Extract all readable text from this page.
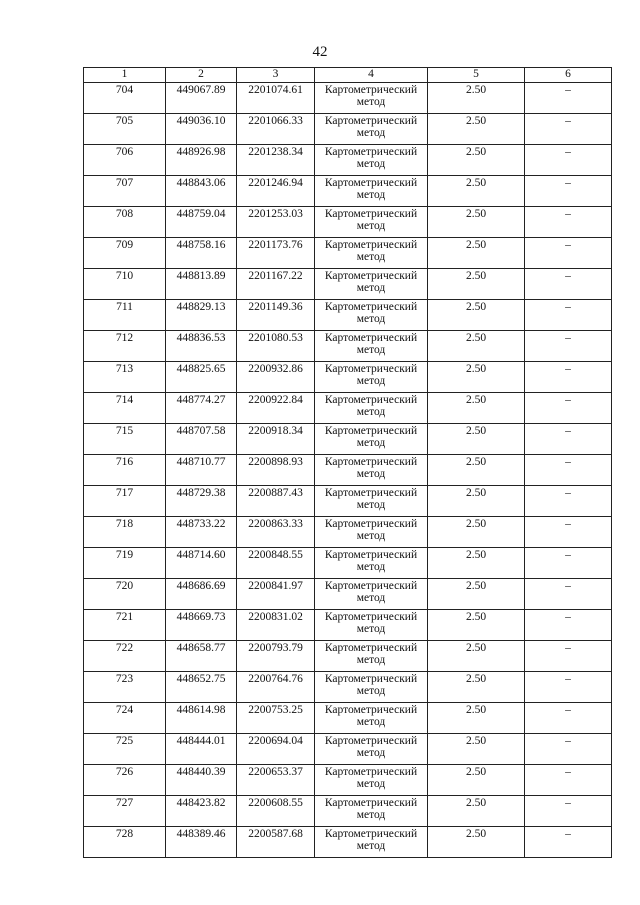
42
1	2	3	4	5	6
704	449067.89	2201074.61	Картометрический метод	2.50	–
705	449036.10	2201066.33	Картометрический метод	2.50	–
706	448926.98	2201238.34	Картометрический метод	2.50	–
707	448843.06	2201246.94	Картометрический метод	2.50	–
708	448759.04	2201253.03	Картометрический метод	2.50	–
709	448758.16	2201173.76	Картометрический метод	2.50	–
710	448813.89	2201167.22	Картометрический метод	2.50	–
711	448829.13	2201149.36	Картометрический метод	2.50	–
712	448836.53	2201080.53	Картометрический метод	2.50	–
713	448825.65	2200932.86	Картометрический метод	2.50	–
714	448774.27	2200922.84	Картометрический метод	2.50	–
715	448707.58	2200918.34	Картометрический метод	2.50	–
716	448710.77	2200898.93	Картометрический метод	2.50	–
717	448729.38	2200887.43	Картометрический метод	2.50	–
718	448733.22	2200863.33	Картометрический метод	2.50	–
719	448714.60	2200848.55	Картометрический метод	2.50	–
720	448686.69	2200841.97	Картометрический метод	2.50	–
721	448669.73	2200831.02	Картометрический метод	2.50	–
722	448658.77	2200793.79	Картометрический метод	2.50	–
723	448652.75	2200764.76	Картометрический метод	2.50	–
724	448614.98	2200753.25	Картометрический метод	2.50	–
725	448444.01	2200694.04	Картометрический метод	2.50	–
726	448440.39	2200653.37	Картометрический метод	2.50	–
727	448423.82	2200608.55	Картометрический метод	2.50	–
728	448389.46	2200587.68	Картометрический метод	2.50	–
